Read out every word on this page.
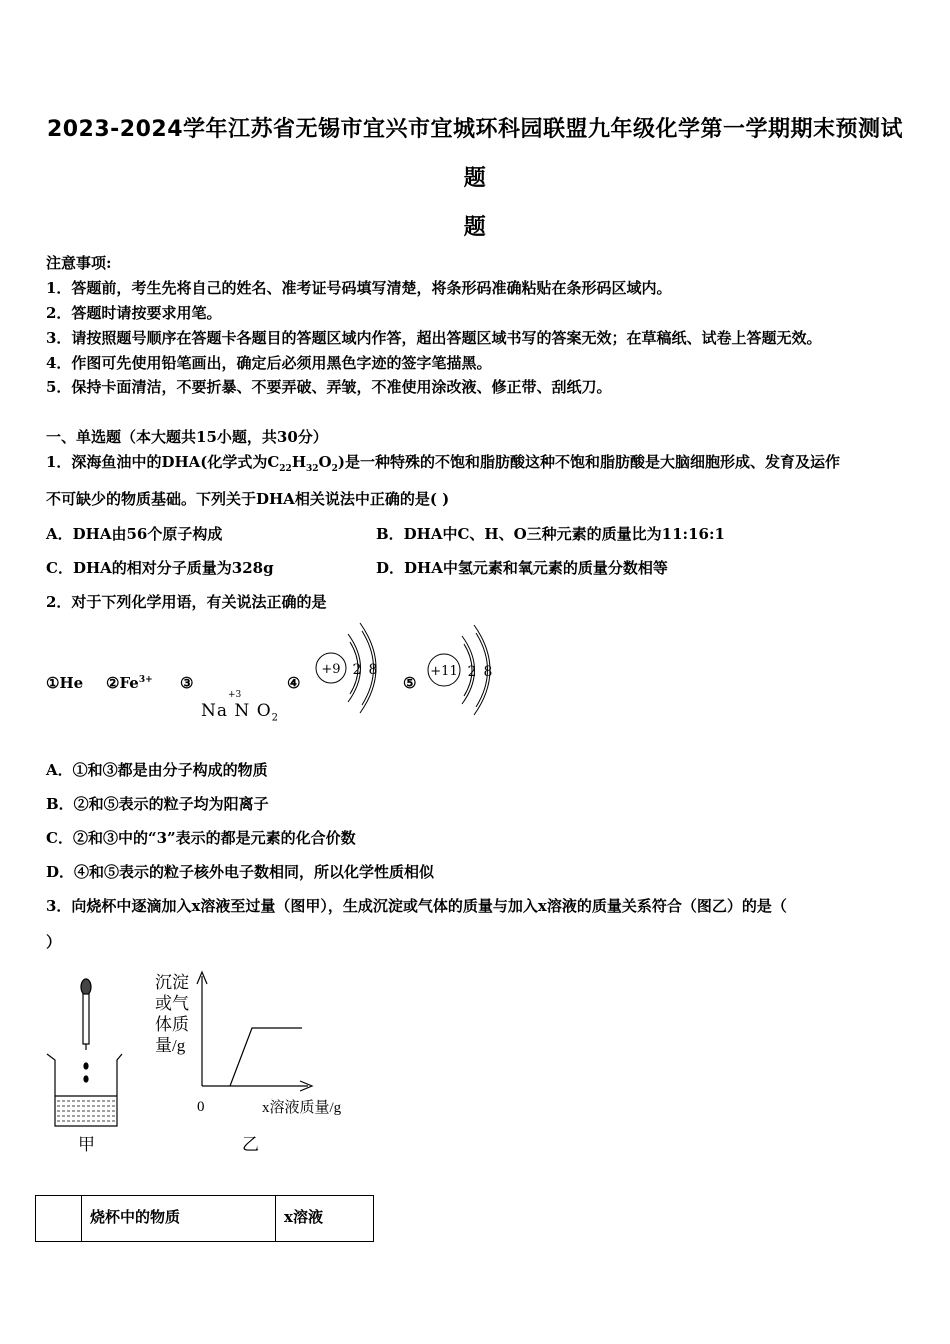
2023-2024学年江苏省无锡市宜兴市宜城环科园联盟九年级化学第一学期期末预测试
题
题
注意事项:
1．答题前，考生先将自己的姓名、准考证号码填写清楚，将条形码准确粘贴在条形码区域内。
2．答题时请按要求用笔。
3．请按照题号顺序在答题卡各题目的答题区域内作答，超出答题区域书写的答案无效；在草稿纸、试卷上答题无效。
4．作图可先使用铅笔画出，确定后必须用黑色字迹的签字笔描黑。
5．保持卡面清洁，不要折暴、不要弄破、弄皱，不准使用涂改液、修正带、刮纸刀。
一、单选题（本大题共15小题，共30分）
1．深海鱼油中的DHA(化学式为$C_{22}H_{32}O_2$)是一种特殊的不饱和脂肪酸这种不饱和脂肪酸是大脑细胞形成、发育及运作
不可缺少的物质基础。下列关于DHA相关说法中正确的是( )
A．DHA由56个原子构成	B．DHA中C、H、O三种元素的质量比为11:16:1
C．DHA的相对分子质量为328g	D．DHA中氢元素和氧元素的质量分数相等
2．对于下列化学用语，有关说法正确的是
①He $②Fe^{3+}$ ③
+3
Na N $O_2$
④	⑤
+9 2 8	+11 2 8
A．①和③都是由分子构成的物质
B．②和⑤表示的粒子均为阳离子
C．②和③中的“3”表示的都是元素的化合价数
D．④和⑤表示的粒子核外电子数相同，所以化学性质相似
3．向烧杯中逐滴加入x溶液至过量（图甲），生成沉淀或气体的质量与加入x溶液的质量关系符合（图乙）的是（
）
沉淀
或气
体质
量/g
0	x溶液质量/g
甲	乙
	烧杯中的物质	x溶液
